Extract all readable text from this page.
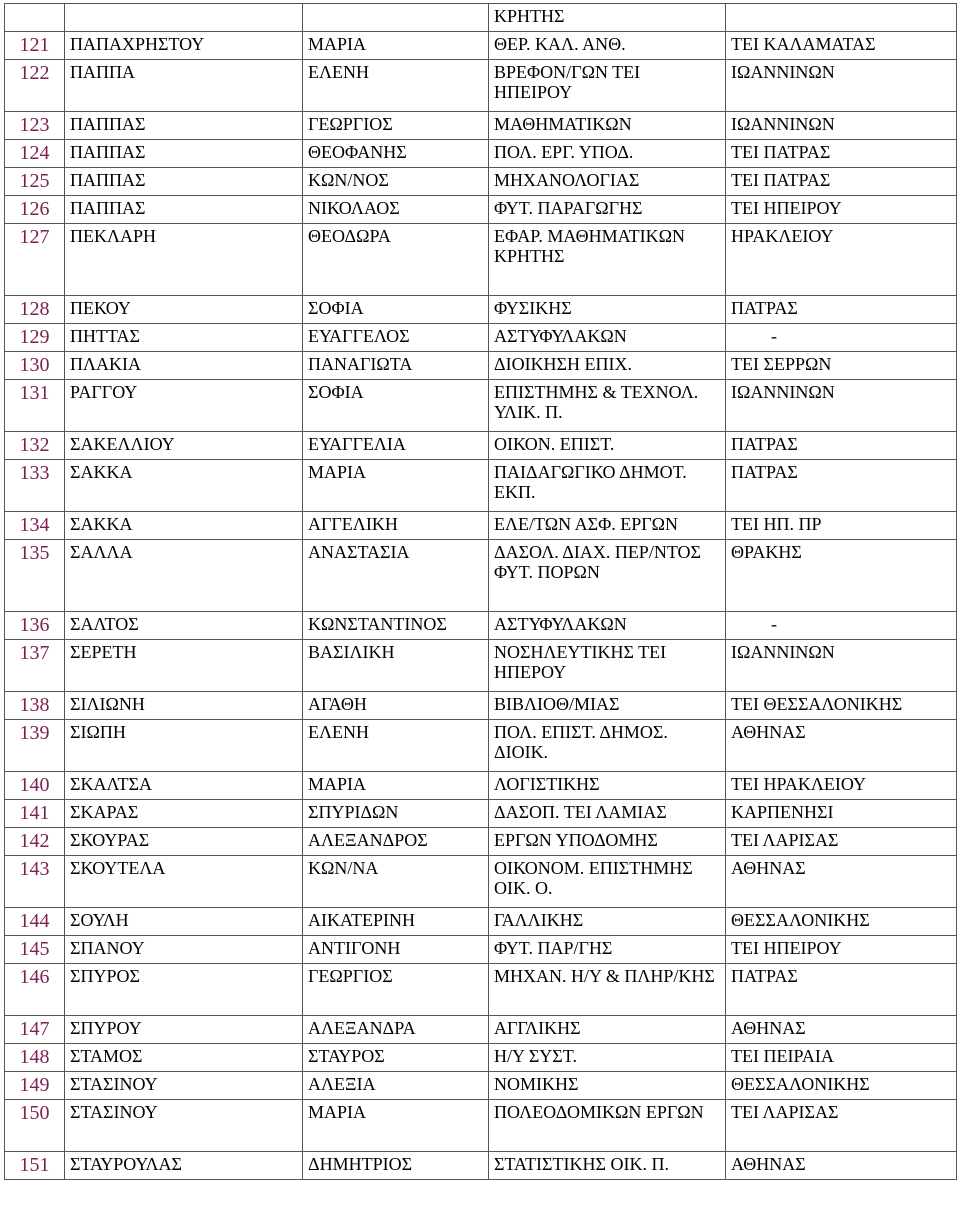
			ΚΡΗΤΗΣ	
121	ΠΑΠΑΧΡΗΣΤΟΥ	ΜΑΡΙΑ	ΘΕΡ. ΚΑΛ. ΑΝΘ.	ΤΕΙ ΚΑΛΑΜΑΤΑΣ
122	ΠΑΠΠΑ	ΕΛΕΝΗ	ΒΡΕΦΟΝ/ΓΩΝ ΤΕΙ ΗΠΕΙΡΟΥ	ΙΩΑΝΝΙΝΩΝ
123	ΠΑΠΠΑΣ	ΓΕΩΡΓΙΟΣ	ΜΑΘΗΜΑΤΙΚΩΝ	ΙΩΑΝΝΙΝΩΝ
124	ΠΑΠΠΑΣ	ΘΕΟΦΑΝΗΣ	ΠΟΛ. ΕΡΓ. ΥΠΟΔ.	ΤΕΙ ΠΑΤΡΑΣ
125	ΠΑΠΠΑΣ	ΚΩΝ/ΝΟΣ	ΜΗΧΑΝΟΛΟΓΙΑΣ	ΤΕΙ ΠΑΤΡΑΣ
126	ΠΑΠΠΑΣ	ΝΙΚΟΛΑΟΣ	ΦΥΤ. ΠΑΡΑΓΩΓΗΣ	ΤΕΙ ΗΠΕΙΡΟΥ
127	ΠΕΚΛΑΡΗ	ΘΕΟΔΩΡΑ	ΕΦΑΡ. ΜΑΘΗΜΑΤΙΚΩΝ ΚΡΗΤΗΣ	ΗΡΑΚΛΕΙΟΥ
128	ΠΕΚΟΥ	ΣΟΦΙΑ	ΦΥΣΙΚΗΣ	ΠΑΤΡΑΣ
129	ΠΗΤΤΑΣ	ΕΥΑΓΓΕΛΟΣ	ΑΣΤΥΦΥΛΑΚΩΝ	-
130	ΠΛΑΚΙΑ	ΠΑΝΑΓΙΩΤΑ	ΔΙΟΙΚΗΣΗ ΕΠΙΧ.	ΤΕΙ ΣΕΡΡΩΝ
131	ΡΑΓΓΟΥ	ΣΟΦΙΑ	ΕΠΙΣΤΗΜΗΣ & ΤΕΧΝΟΛ. ΥΛΙΚ. Π.	ΙΩΑΝΝΙΝΩΝ
132	ΣΑΚΕΛΛΙΟΥ	ΕΥΑΓΓΕΛΙΑ	ΟΙΚΟΝ. ΕΠΙΣΤ.	ΠΑΤΡΑΣ
133	ΣΑΚΚΑ	ΜΑΡΙΑ	ΠΑΙΔΑΓΩΓΙΚΟ ΔΗΜΟΤ. ΕΚΠ.	ΠΑΤΡΑΣ
134	ΣΑΚΚΑ	ΑΓΓΕΛΙΚΗ	ΕΛΕ/ΤΩΝ ΑΣΦ. ΕΡΓΩΝ	ΤΕΙ ΗΠ. ΠΡ
135	ΣΑΛΛΑ	ΑΝΑΣΤΑΣΙΑ	ΔΑΣΟΛ. ΔΙΑΧ. ΠΕΡ/ΝΤΟΣ ΦΥΤ. ΠΟΡΩΝ	ΘΡΑΚΗΣ
136	ΣΑΛΤΟΣ	ΚΩΝΣΤΑΝΤΙΝΟΣ	ΑΣΤΥΦΥΛΑΚΩΝ	-
137	ΣΕΡΕΤΗ	ΒΑΣΙΛΙΚΗ	ΝΟΣΗΛΕΥΤΙΚΗΣ ΤΕΙ ΗΠΕΡΟΥ	ΙΩΑΝΝΙΝΩΝ
138	ΣΙΛΙΩΝΗ	ΑΓΑΘΗ	ΒΙΒΛΙΟΘ/ΜΙΑΣ	ΤΕΙ ΘΕΣΣΑΛΟΝΙΚΗΣ
139	ΣΙΩΠΗ	ΕΛΕΝΗ	ΠΟΛ. ΕΠΙΣΤ. ΔΗΜΟΣ. ΔΙΟΙΚ.	ΑΘΗΝΑΣ
140	ΣΚΑΛΤΣΑ	ΜΑΡΙΑ	ΛΟΓΙΣΤΙΚΗΣ	ΤΕΙ ΗΡΑΚΛΕΙΟΥ
141	ΣΚΑΡΑΣ	ΣΠΥΡΙΔΩΝ	ΔΑΣΟΠ. ΤΕΙ ΛΑΜΙΑΣ	ΚΑΡΠΕΝΗΣΙ
142	ΣΚΟΥΡΑΣ	ΑΛΕΞΑΝΔΡΟΣ	ΕΡΓΩΝ ΥΠΟΔΟΜΗΣ	ΤΕΙ ΛΑΡΙΣΑΣ
143	ΣΚΟΥΤΕΛΑ	ΚΩΝ/ΝΑ	ΟΙΚΟΝΟΜ. ΕΠΙΣΤΗΜΗΣ ΟΙΚ. Ο.	ΑΘΗΝΑΣ
144	ΣΟΥΛΗ	ΑΙΚΑΤΕΡΙΝΗ	ΓΑΛΛΙΚΗΣ	ΘΕΣΣΑΛΟΝΙΚΗΣ
145	ΣΠΑΝΟΥ	ΑΝΤΙΓΟΝΗ	ΦΥΤ. ΠΑΡ/ΓΗΣ	ΤΕΙ ΗΠΕΙΡΟΥ
146	ΣΠΥΡΟΣ	ΓΕΩΡΓΙΟΣ	ΜΗΧΑΝ. Η/Υ & ΠΛΗΡ/ΚΗΣ	ΠΑΤΡΑΣ
147	ΣΠΥΡΟΥ	ΑΛΕΞΑΝΔΡΑ	ΑΓΓΛΙΚΗΣ	ΑΘΗΝΑΣ
148	ΣΤΑΜΟΣ	ΣΤΑΥΡΟΣ	Η/Υ ΣΥΣΤ.	ΤΕΙ ΠΕΙΡΑΙΑ
149	ΣΤΑΣΙΝΟΥ	ΑΛΕΞΙΑ	ΝΟΜΙΚΗΣ	ΘΕΣΣΑΛΟΝΙΚΗΣ
150	ΣΤΑΣΙΝΟΥ	ΜΑΡΙΑ	ΠΟΛΕΟΔΟΜΙΚΩΝ ΕΡΓΩΝ	ΤΕΙ ΛΑΡΙΣΑΣ
151	ΣΤΑΥΡΟΥΛΑΣ	ΔΗΜΗΤΡΙΟΣ	ΣΤΑΤΙΣΤΙΚΗΣ ΟΙΚ. Π.	ΑΘΗΝΑΣ
